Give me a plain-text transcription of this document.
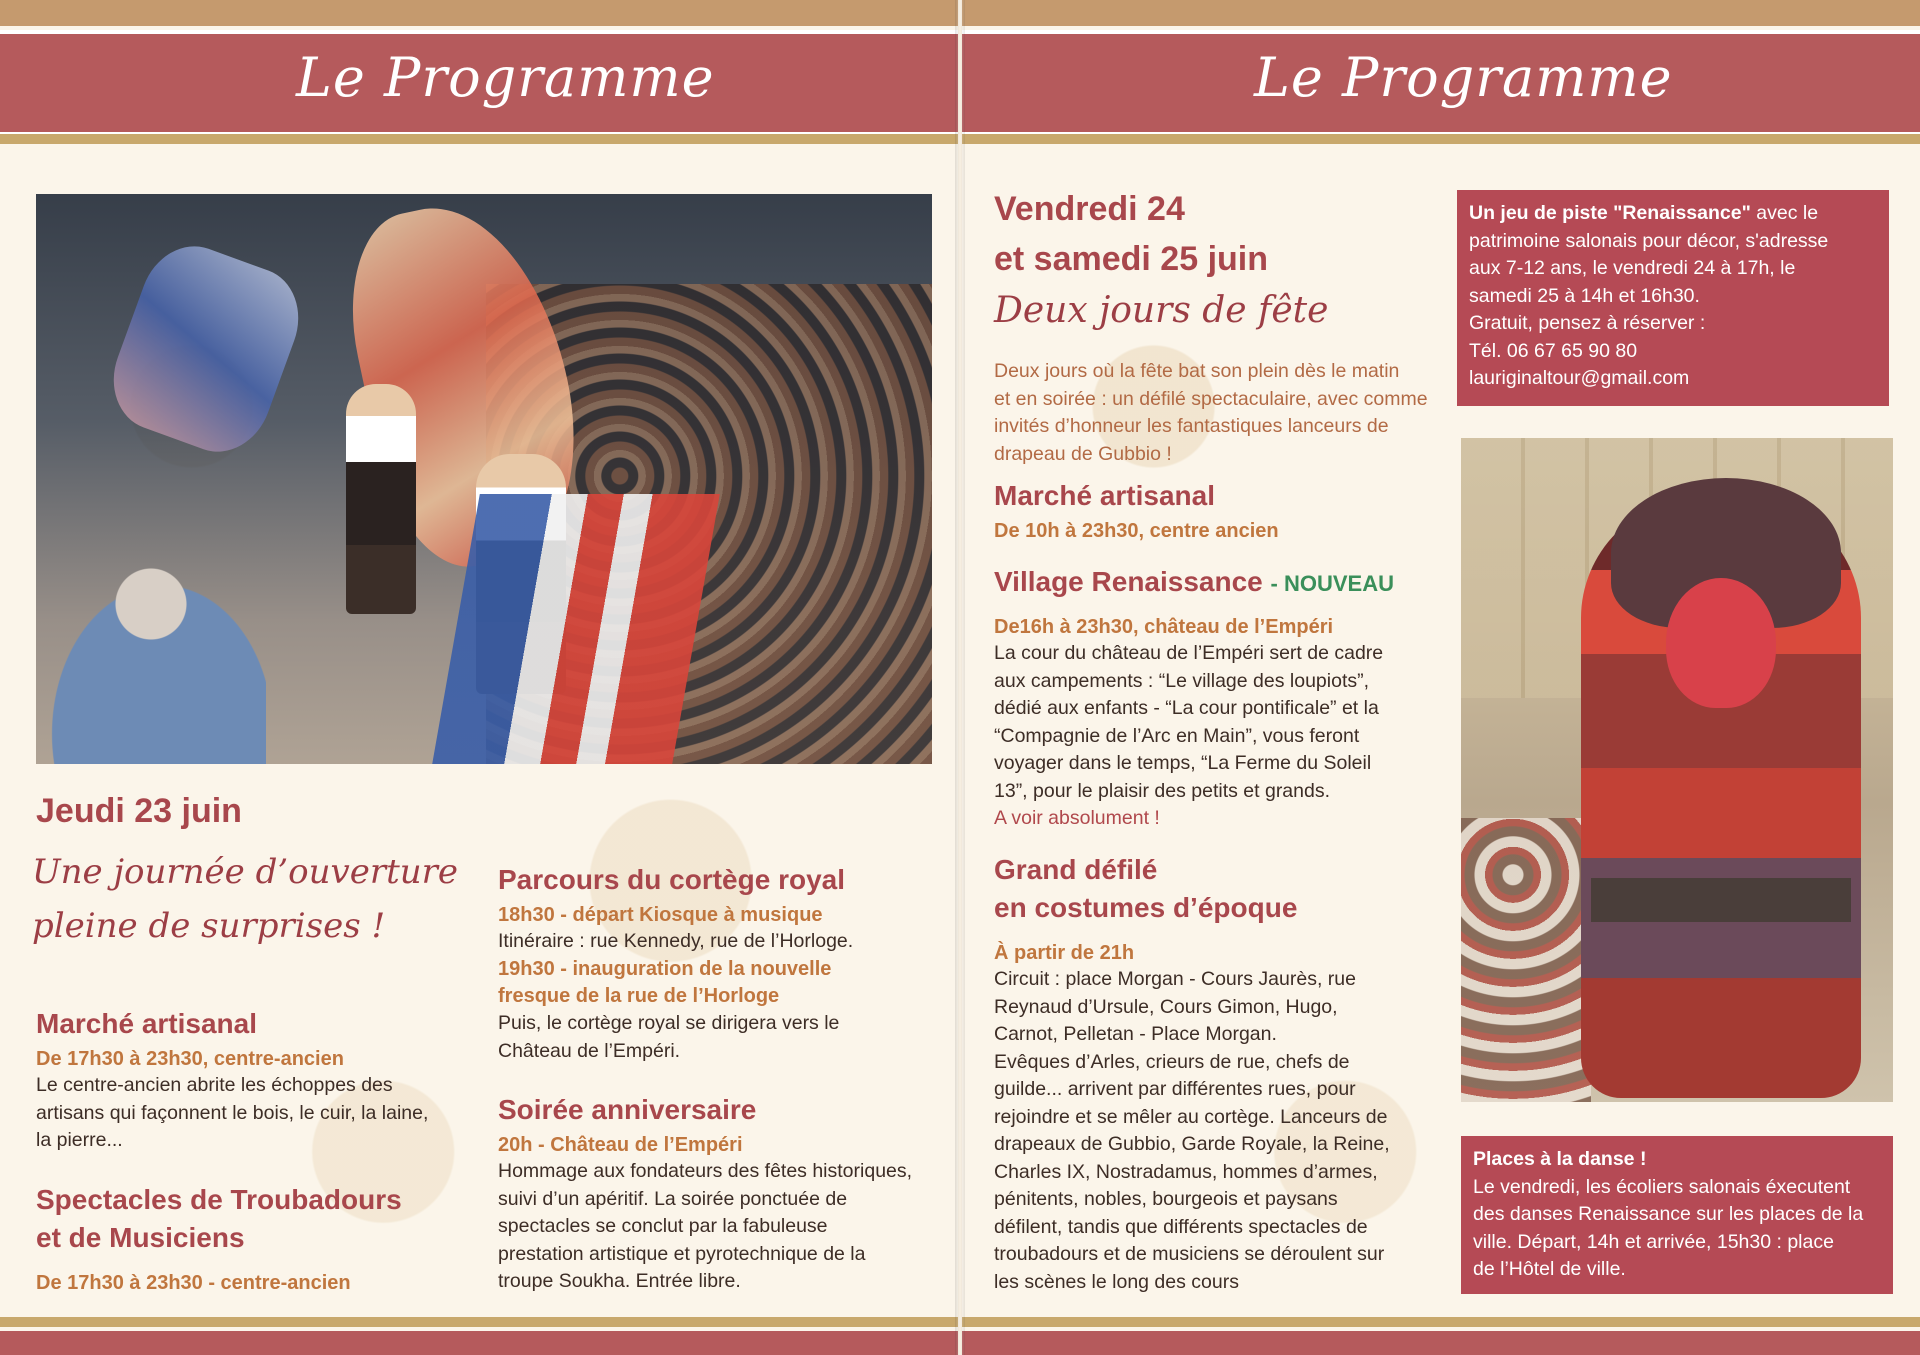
Le Programme
Jeudi 23 juin
Une journée d’ouverture
pleine de surprises !
Marché artisanal
De 17h30 à 23h30, centre-ancien
Le centre-ancien abrite les échoppes des
artisans qui façonnent le bois, le cuir, la laine,
la pierre...
Spectacles de Troubadours
et de Musiciens
De 17h30 à 23h30 - centre-ancien
Parcours du cortège royal
18h30 - départ Kiosque à musique
Itinéraire : rue Kennedy, rue de l’Horloge.
19h30 - inauguration de la nouvelle
fresque de la rue de l’Horloge
Puis, le cortège royal se dirigera vers le
Château de l’Empéri.
Soirée anniversaire
20h - Château de l’Empéri
Hommage aux fondateurs des fêtes historiques,
suivi d’un apéritif. La soirée ponctuée de
spectacles se conclut par la fabuleuse
prestation artistique et pyrotechnique de la
troupe Soukha. Entrée libre.
Le Programme
Vendredi 24
et samedi 25 juin
Deux jours de fête
Deux jours où la fête bat son plein dès le matin
et en soirée : un défilé spectaculaire, avec comme
invités d’honneur les fantastiques lanceurs de
drapeau de Gubbio !
Marché artisanal
De 10h à 23h30, centre ancien
Village Renaissance - NOUVEAU
De16h à 23h30, château de l’Empéri
La cour du château de l’Empéri sert de cadre
aux campements : “Le village des loupiots”,
dédié aux enfants - “La cour pontificale” et la
“Compagnie de l’Arc en Main”, vous feront
voyager dans le temps, “La Ferme du Soleil
13”, pour le plaisir des petits et grands.
A voir absolument !
Grand défilé
en costumes d’époque
À partir de 21h
Circuit : place Morgan - Cours Jaurès, rue
Reynaud d’Ursule, Cours Gimon, Hugo,
Carnot, Pelletan - Place Morgan.
Evêques d’Arles, crieurs de rue, chefs de
guilde... arrivent par différentes rues, pour
rejoindre et se mêler au cortège. Lanceurs de
drapeaux de Gubbio, Garde Royale, la Reine,
Charles IX, Nostradamus, hommes d’armes,
pénitents, nobles, bourgeois et paysans
défilent, tandis que différents spectacles de
troubadours et de musiciens se déroulent sur
les scènes le long des cours
Un jeu de piste "Renaissance" avec le
patrimoine salonais pour décor, s'adresse
aux 7-12 ans, le vendredi 24 à 17h, le
samedi 25 à 14h et 16h30.
Gratuit, pensez à réserver :
Tél. 06 67 65 90 80
lauriginaltour@gmail.com
Places à la danse !
Le vendredi, les écoliers salonais éxecutent
des danses Renaissance sur les places de la
ville. Départ, 14h et arrivée, 15h30 : place
de l’Hôtel de ville.
